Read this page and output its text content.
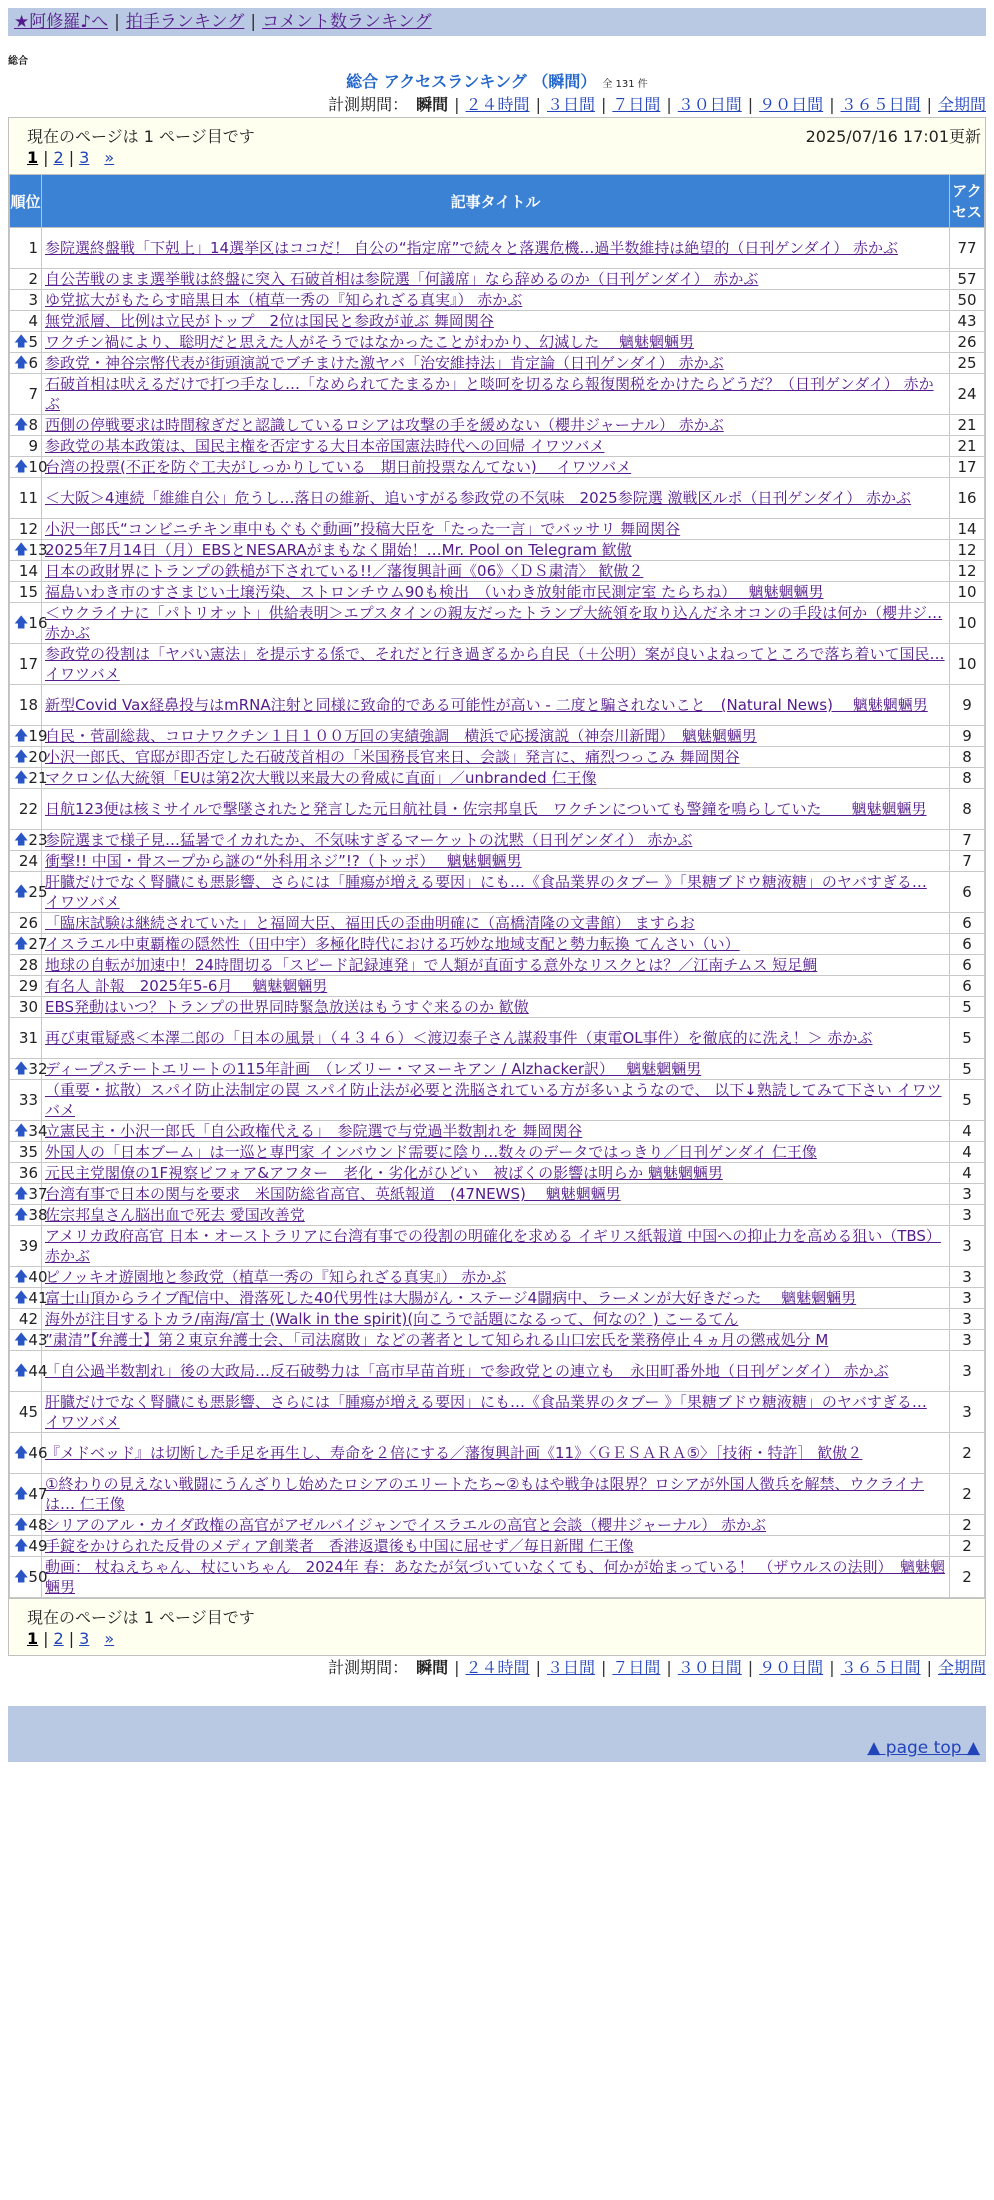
★阿修羅♪へ | 拍手ランキング | コメント数ランキング
総合
総合 アクセスランキング （瞬間） 全 131 件
計測期間： 瞬間 | ２４時間 | ３日間 | ７日間 | ３０日間 | ９０日間 | ３６５日間 | 全期間
現在のページは 1 ページ目です	2025/07/16 17:01更新
1 | 2 | 3 »
順位	記事タイトル	アクセス
1	参院選終盤戦「下剋上」14選挙区はココだ！ 自公の“指定席”で続々と落選危機…過半数維持は絶望的（日刊ゲンダイ） 赤かぶ	77
2	自公苦戦のまま選挙戦は終盤に突入 石破首相は参院選「何議席」なら辞めるのか（日刊ゲンダイ） 赤かぶ	57
3	ゆ党拡大がもたらす暗黒日本（植草一秀の『知られざる真実』） 赤かぶ	50
4	無党派層、比例は立民がトップ　2位は国民と参政が並ぶ 舞岡関谷	43

🡅 5	ワクチン禍により、聡明だと思えた人がそうではなかったことがわかり、幻滅した　 魑魅魍魎男	26

🡅 6	参政党・神谷宗幣代表が街頭演説でブチまけた激ヤバ「治安維持法」肯定論（日刊ゲンダイ） 赤かぶ	25
7	石破首相は吠えるだけで打つ手なし…「なめられてたまるか」と啖呵を切るなら報復関税をかけたらどうだ？（日刊ゲンダイ） 赤かぶ	24

🡅 8	西側の停戦要求は時間稼ぎだと認識しているロシアは攻撃の手を緩めない（櫻井ジャーナル） 赤かぶ	21
9	参政党の基本政策は、国民主権を否定する大日本帝国憲法時代への回帰 イワツバメ	21

🡅 10	台湾の投票(不正を防ぐ工夫がしっかりしている　期日前投票なんてない) 　イワツバメ	17
11	＜大阪＞4連続「維維自公」危うし…落日の維新、追いすがる参政党の不気味　2025参院選 激戦区ルポ（日刊ゲンダイ） 赤かぶ	16
12	小沢一郎氏“コンビニチキン車中もぐもぐ動画”投稿大臣を「たった一言」でバッサリ 舞岡関谷	14

🡅 13	2025年7月14日（月）EBSとNESARAがまもなく開始！…Mr. Pool on Telegram 歓傲	12
14	日本の政財界にトランプの鉄槌が下されている!!／藩復興計画《06》〈ＤＳ粛清〉 歓傲２	12
15	福島いわき市のすさまじい土壌汚染、ストロンチウム90も検出　（いわき放射能市民測定室 たらちね）　 魑魅魍魎男	10

🡅 16	＜ウクライナに「パトリオット」供給表明＞エプスタインの親友だったトランプ大統領を取り込んだネオコンの手段は何か（櫻井ジ… 赤かぶ	10
17	参政党の役割は「ヤバい憲法」を提示する係で、それだと行き過ぎるから自民（＋公明）案が良いよねってところで落ち着いて国民… イワツバメ	10
18	新型Covid Vax経鼻投与はmRNA注射と同様に致命的である可能性が高い - 二度と騙されないこと　(Natural News)　 魑魅魍魎男	9

🡅 19	自民・菅副総裁、コロナワクチン１日１００万回の実績強調　横浜で応援演説（神奈川新聞）　魑魅魍魎男	9

🡅 20	小沢一郎氏、官邸が即否定した石破茂首相の「米国務長官来日、会談」発言に、痛烈つっこみ 舞岡関谷	8

🡅 21	マクロン仏大統領「EUは第2次大戦以来最大の脅威に直面」／unbranded 仁王像	8
22	日航123便は核ミサイルで撃墜されたと発言した元日航社員・佐宗邦皇氏　ワクチンについても警鐘を鳴らしていた　　魑魅魍魎男	8

🡅 23	参院選まで様子見…猛暑でイカれたか、不気味すぎるマーケットの沈黙（日刊ゲンダイ） 赤かぶ	7
24	衝撃!! 中国・骨スープから謎の“外科用ネジ”!?（トッポ）　 魑魅魍魎男	7

🡅 25	肝臓だけでなく腎臓にも悪影響、さらには「腫瘍が増える要因」にも…《食品業界のタブー 》「果糖ブドウ糖液糖」のヤバすぎる… イワツバメ	6
26	「臨床試験は継続されていた」と福岡大臣、福田氏の歪曲明確に（高橋清隆の文書館） ますらお	6

🡅 27	イスラエル中東覇権の隠然性（田中宇）多極化時代における巧妙な地域支配と勢力転換 てんさい（い）	6
28	地球の自転が加速中！24時間切る「スピード記録連発」で人類が直面する意外なリスクとは？／江南チムス 短足鯛	6
29	有名人 訃報　2025年5-6月　 魑魅魍魎男	6
30	EBS発動はいつ？トランプの世界同時緊急放送はもうすぐ来るのか 歓傲	5
31	再び東電疑惑＜本澤二郎の「日本の風景」（４３４６）＜渡辺泰子さん謀殺事件（東電OL事件）を徹底的に洗え！＞ 赤かぶ	5

🡅 32	ディープステートエリートの115年計画　（レズリー・マヌーキアン / Alzhacker訳）　 魑魅魍魎男	5
33	（重要・拡散）スパイ防止法制定の罠 スパイ防止法が必要と洗脳されている方が多いようなので、 以下↓熟読してみて下さい イワツバメ	5

🡅 34	立憲民主・小沢一郎氏「自公政権代える」　参院選で与党過半数割れを 舞岡関谷	4
35	外国人の「日本ブーム」は一巡と専門家 インバウンド需要に陰り…数々のデータではっきり／日刊ゲンダイ 仁王像	4
36	元民主党閣僚の1F視察ビフォア&アフター　老化・劣化がひどい　被ばくの影響は明らか 魑魅魍魎男	4

🡅 37	台湾有事で日本の関与を要求　米国防総省高官、英紙報道　(47NEWS)　 魑魅魍魎男	3

🡅 38	佐宗邦皇さん脳出血で死去 愛国改善党	3
39	アメリカ政府高官 日本・オーストラリアに台湾有事での役割の明確化を求める イギリス紙報道 中国への抑止力を高める狙い（TBS） 赤かぶ	3

🡅 40	ピノッキオ遊園地と参政党（植草一秀の『知られざる真実』） 赤かぶ	3

🡅 41	富士山頂からライブ配信中、滑落死した40代男性は大腸がん・ステージ4闘病中、ラーメンが大好きだった　 魑魅魍魎男	3
42	海外が注目するトカラ/南海/富士 (Walk in the spirit)(向こうで話題になるって、何なの？) こーるてん	3

🡅 43	”粛清”【弁護士】第２東京弁護士会、「司法腐敗」などの著者として知られる山口宏氏を業務停止４ヵ月の懲戒処分 M	3

🡅 44	「自公過半数割れ」後の大政局…反石破勢力は「高市早苗首班」で参政党との連立も　永田町番外地（日刊ゲンダイ） 赤かぶ	3
45	肝臓だけでなく腎臓にも悪影響、さらには「腫瘍が増える要因」にも…《食品業界のタブー 》「果糖ブドウ糖液糖」のヤバすぎる… イワツバメ	3

🡅 46	『メドベッド』は切断した手足を再生し、寿命を２倍にする／藩復興計画《11》〈ＧＥＳＡＲＡ⑤〉［技術・特許］ 歓傲２	2

🡅 47	①終わりの見えない戦闘にうんざりし始めたロシアのエリートたち~②もはや戦争は限界？ロシアが外国人徴兵を解禁、ウクライナは… 仁王像	2

🡅 48	シリアのアル・カイダ政権の高官がアゼルバイジャンでイスラエルの高官と会談（櫻井ジャーナル） 赤かぶ	2

🡅 49	手錠をかけられた反骨のメディア創業者　香港返還後も中国に屈せず／毎日新聞 仁王像	2

🡅 50	動画： 杖ねえちゃん、杖にいちゃん　2024年 春：あなたが気づいていなくても、何かが始まっている！ （ザウルスの法則）　魑魅魍魎男	2
現在のページは 1 ページ目です
1 | 2 | 3 »
計測期間： 瞬間 | ２４時間 | ３日間 | ７日間 | ３０日間 | ９０日間 | ３６５日間 | 全期間
▲ page top ▲
